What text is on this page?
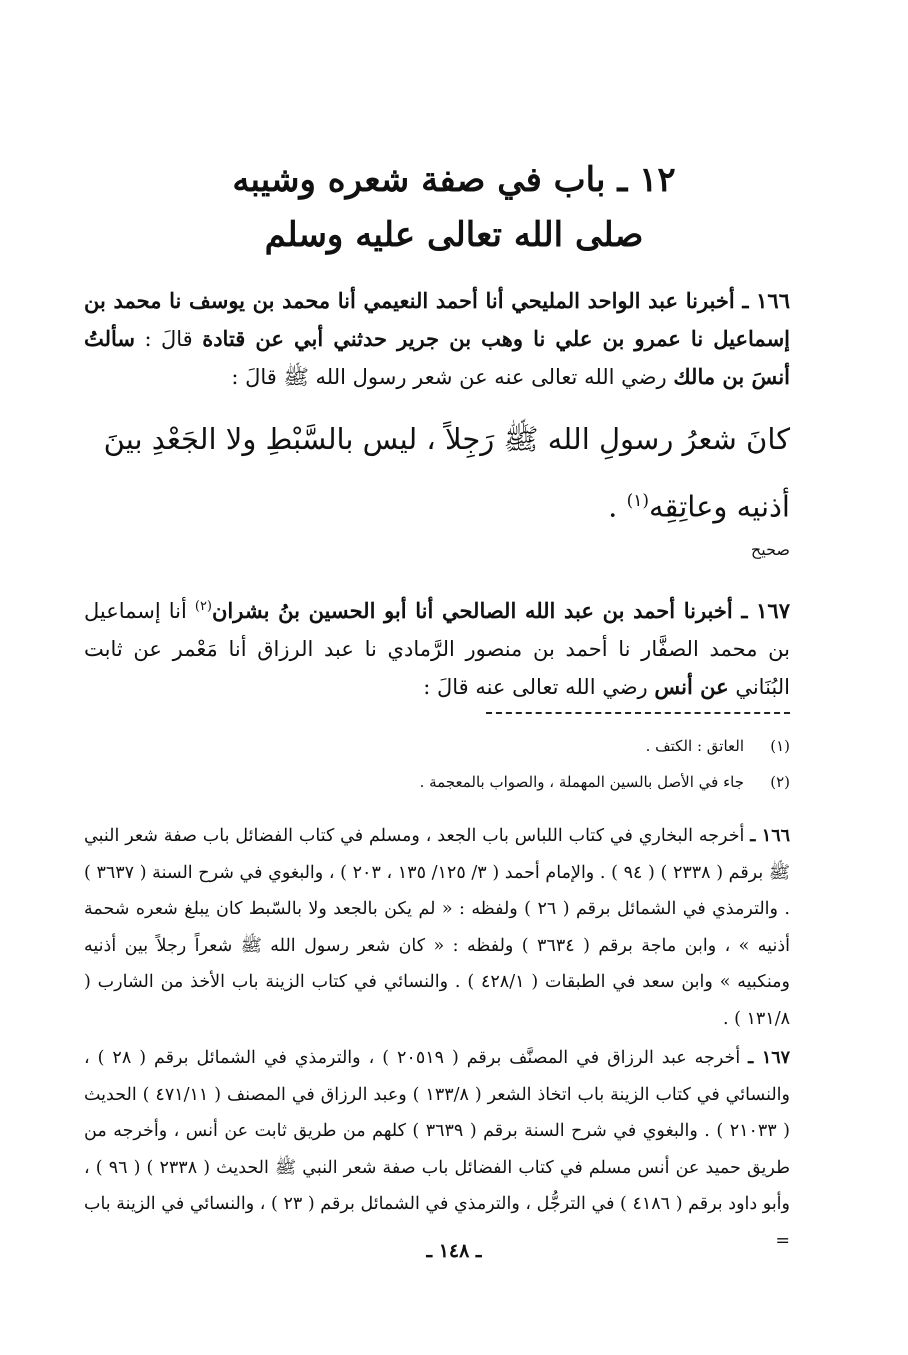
١٢ ـ باب في صفة شعره وشيبه
صلى الله تعالى عليه وسلم
١٦٦ ـ أخبرنا عبد الواحد المليحي أنا أحمد النعيمي أنا محمد بن يوسف نا محمد بن إسماعيل نا عمرو بن علي نا وهب بن جرير حدثني أبي عن قتادة قالَ : سألتُ أنسَ بن مالك رضي الله تعالى عنه عن شعر رسول الله ﷺ قالَ :
كانَ شعرُ رسولِ الله ﷺ رَجِلاً ، ليس بالسَّبْطِ ولا الجَعْدِ بينَ أذنيه وعاتِقِه$^{(١)}$ .
صحيح
١٦٧ ـ أخبرنا أحمد بن عبد الله الصالحي أنا أبو الحسين بنُ بشران$^{(٢)}$ أنا إسماعيل بن محمد الصفَّار نا أحمد بن منصور الرَّمادي نا عبد الرزاق أنا مَعْمر عن ثابت البُنَاني عن أنس رضي الله تعالى عنه قالَ :
(١)العاتق : الكتف .
(٢)جاء في الأصل بالسين المهملة ، والصواب بالمعجمة .
١٦٦ ـ أخرجه البخاري في كتاب اللباس باب الجعد ، ومسلم في كتاب الفضائل باب صفة شعر النبي ﷺ برقم ( ٢٣٣٨ ) ( ٩٤ ) . والإمام أحمد ( ٣/ ١٢٥/ ١٣٥ ، ٢٠٣ ) ، والبغوي في شرح السنة ( ٣٦٣٧ ) . والترمذي في الشمائل برقم ( ٢٦ ) ولفظه : « لم يكن بالجعد ولا بالسّبط كان يبلغ شعره شحمة أذنيه » ، وابن ماجة برقم ( ٣٦٣٤ ) ولفظه : « كان شعر رسول الله ﷺ شعراً رجلاً بين أذنيه ومنكبيه » وابن سعد في الطبقات ( ٤٢٨/١ ) . والنسائي في كتاب الزينة باب الأخذ من الشارب ( ١٣١/٨ ) .
١٦٧ ـ أخرجه عبد الرزاق في المصنَّف برقم ( ٢٠٥١٩ ) ، والترمذي في الشمائل برقم ( ٢٨ ) ، والنسائي في كتاب الزينة باب اتخاذ الشعر ( ١٣٣/٨ ) وعبد الرزاق في المصنف ( ٤٧١/١١ ) الحديث ( ٢١٠٣٣ ) . والبغوي في شرح السنة برقم ( ٣٦٣٩ ) كلهم من طريق ثابت عن أنس ، وأخرجه من طريق حميد عن أنس مسلم في كتاب الفضائل باب صفة شعر النبي ﷺ الحديث ( ٢٣٣٨ ) ( ٩٦ ) ، وأبو داود برقم ( ٤١٨٦ ) في الترجُّل ، والترمذي في الشمائل برقم ( ٢٣ ) ، والنسائي في الزينة باب =
ـ ١٤٨ ـ
